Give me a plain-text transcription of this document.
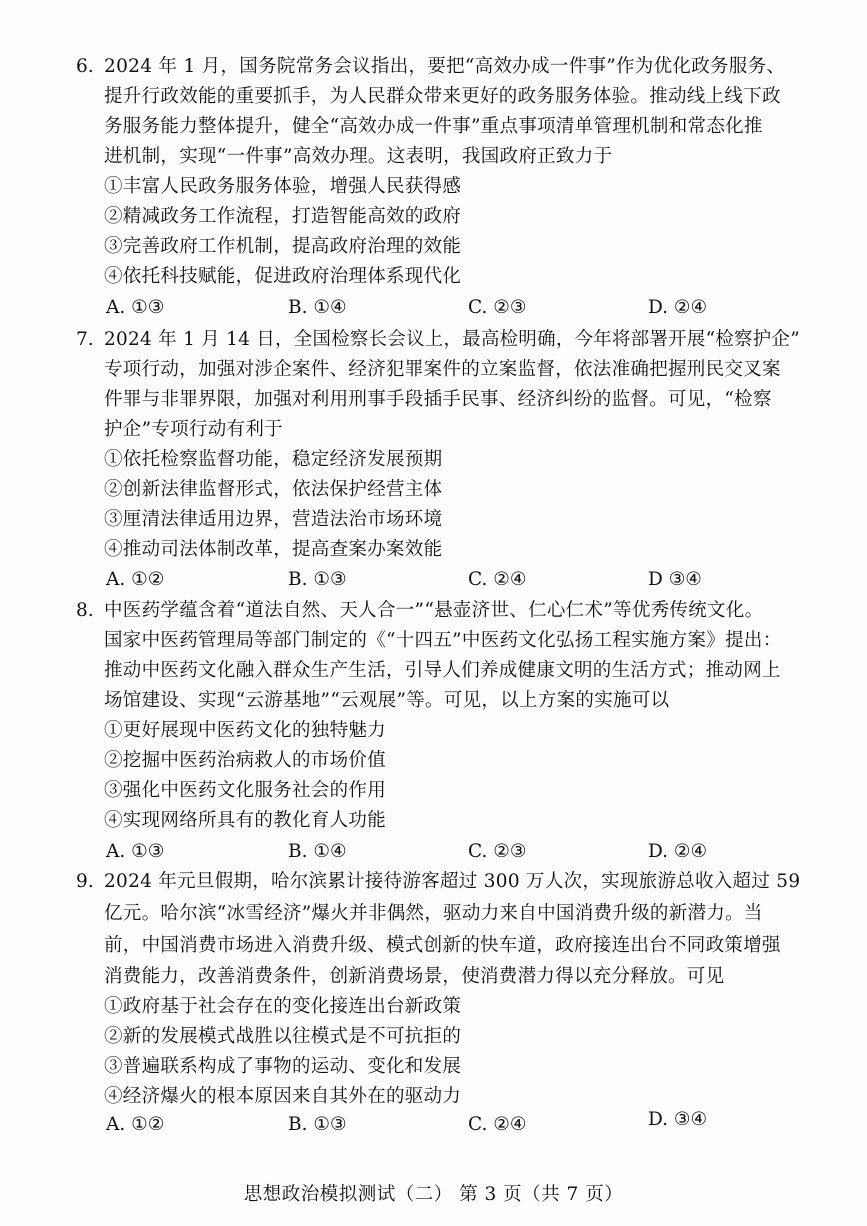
6. 2024 年 1 月，国务院常务会议指出，要把“高效办成一件事”作为优化政务服务、
提升行政效能的重要抓手，为人民群众带来更好的政务服务体验。推动线上线下政
务服务能力整体提升，健全“高效办成一件事”重点事项清单管理机制和常态化推
进机制，实现“一件事”高效办理。这表明，我国政府正致力于
①丰富人民政务服务体验，增强人民获得感
②精减政务工作流程，打造智能高效的政府
③完善政府工作机制，提高政府治理的效能
④依托科技赋能，促进政府治理体系现代化
A. ①③	B. ①④	C. ②③	D. ②④
7. 2024 年 1 月 14 日，全国检察长会议上，最高检明确，今年将部署开展“检察护企”
专项行动，加强对涉企案件、经济犯罪案件的立案监督，依法准确把握刑民交叉案
件罪与非罪界限，加强对利用刑事手段插手民事、经济纠纷的监督。可见，“检察
护企”专项行动有利于
①依托检察监督功能，稳定经济发展预期
②创新法律监督形式，依法保护经营主体
③厘清法律适用边界，营造法治市场环境
④推动司法体制改革，提高查案办案效能
A. ①②	B. ①③	C. ②④	D ③④
8. 中医药学蕴含着“道法自然、天人合一”“悬壶济世、仁心仁术”等优秀传统文化。
国家中医药管理局等部门制定的《“十四五”中医药文化弘扬工程实施方案》提出：
推动中医药文化融入群众生产生活，引导人们养成健康文明的生活方式；推动网上
场馆建设、实现“云游基地”“云观展”等。可见，以上方案的实施可以
①更好展现中医药文化的独特魅力
②挖掘中医药治病救人的市场价值
③强化中医药文化服务社会的作用
④实现网络所具有的教化育人功能
A. ①③	B. ①④	C. ②③	D. ②④
9. 2024 年元旦假期，哈尔滨累计接待游客超过 300 万人次，实现旅游总收入超过 59
亿元。哈尔滨“冰雪经济”爆火并非偶然，驱动力来自中国消费升级的新潜力。当
前，中国消费市场进入消费升级、模式创新的快车道，政府接连出台不同政策增强
消费能力，改善消费条件，创新消费场景，使消费潜力得以充分释放。可见
①政府基于社会存在的变化接连出台新政策
②新的发展模式战胜以往模式是不可抗拒的
③普遍联系构成了事物的运动、变化和发展
④经济爆火的根本原因来自其外在的驱动力
A. ①②	B. ①③	C. ②④	D. ③④
思想政治模拟测试（二） 第 3 页（共 7 页）
